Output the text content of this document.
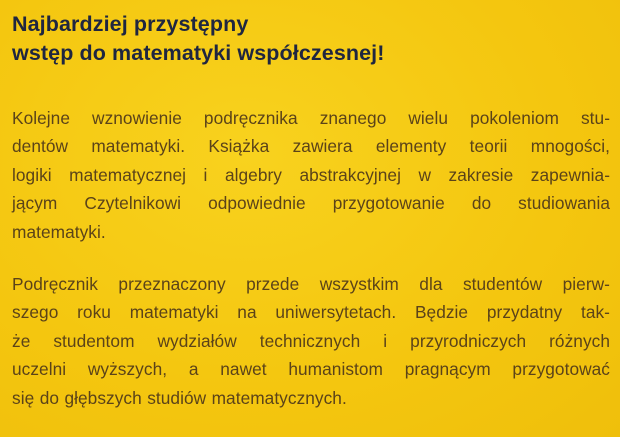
Najbardziej przystępny
wstęp do matematyki współczesnej!

Kolejne wznowienie podręcznika znanego wielu pokoleniom stu-
dentów matematyki. Książka zawiera elementy teorii mnogości,
logiki matematycznej i algebry abstrakcyjnej w zakresie zapewnia-
jącym Czytelnikowi odpowiednie przygotowanie do studiowania
matematyki.

Podręcznik przeznaczony przede wszystkim dla studentów pierw-
szego roku matematyki na uniwersytetach. Będzie przydatny tak-
że studentom wydziałów technicznych i przyrodniczych różnych
uczelni wyższych, a nawet humanistom pragnącym przygotować
się do głębszych studiów matematycznych.
